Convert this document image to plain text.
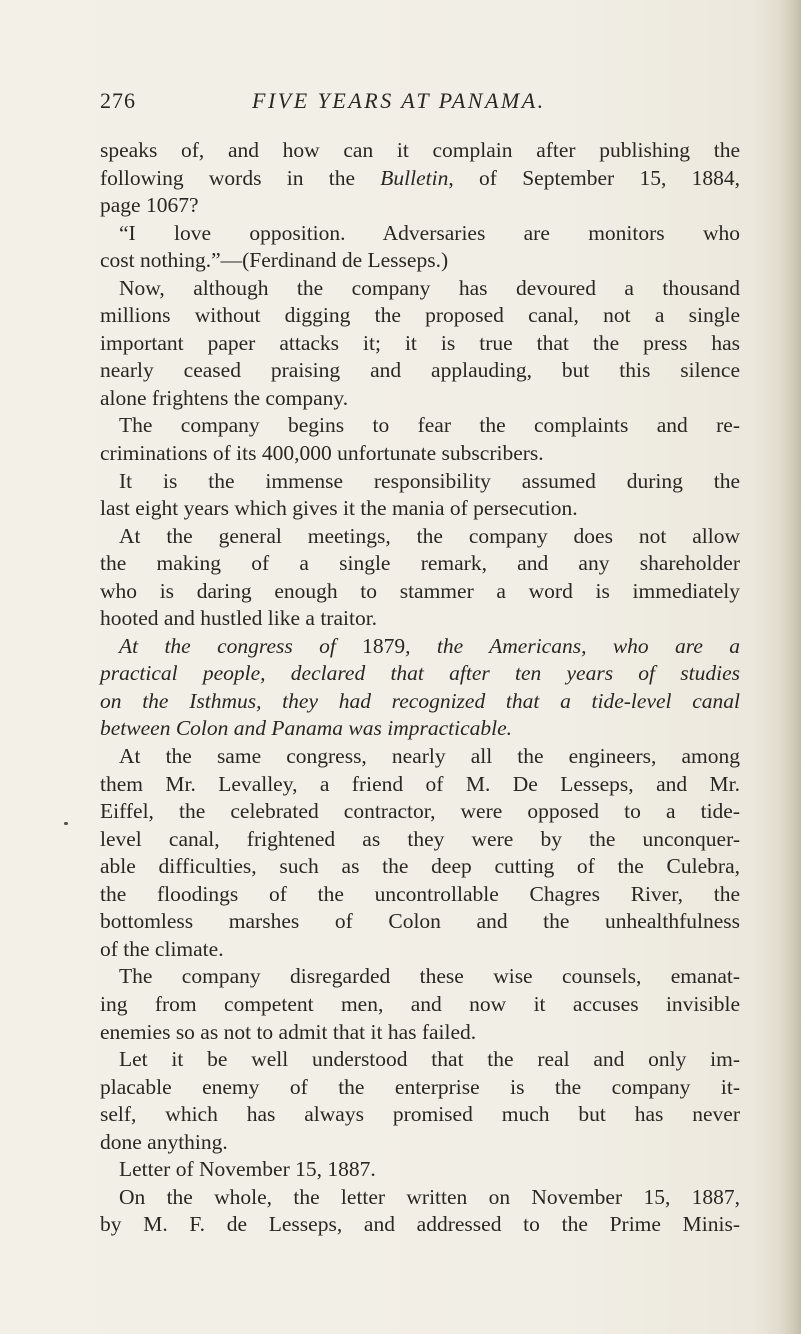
276	FIVE YEARS AT PANAMA.
speaks of, and how can it complain after publishing the
following words in the Bulletin, of September 15, 1884,
page 1067?
“I love opposition. Adversaries are monitors who
cost nothing.”—(Ferdinand de Lesseps.)
Now, although the company has devoured a thousand
millions without digging the proposed canal, not a single
important paper attacks it; it is true that the press has
nearly ceased praising and applauding, but this silence
alone frightens the company.
The company begins to fear the complaints and re-
criminations of its 400,000 unfortunate subscribers.
It is the immense responsibility assumed during the
last eight years which gives it the mania of persecution.
At the general meetings, the company does not allow
the making of a single remark, and any shareholder
who is daring enough to stammer a word is immediately
hooted and hustled like a traitor.
At the congress of 1879, the Americans, who are a
practical people, declared that after ten years of studies
on the Isthmus, they had recognized that a tide-level canal
between Colon and Panama was impracticable.
At the same congress, nearly all the engineers, among
them Mr. Levalley, a friend of M. De Lesseps, and Mr.
Eiffel, the celebrated contractor, were opposed to a tide-
level canal, frightened as they were by the unconquer-
able difficulties, such as the deep cutting of the Culebra,
the floodings of the uncontrollable Chagres River, the
bottomless marshes of Colon and the unhealthfulness
of the climate.
The company disregarded these wise counsels, emanat-
ing from competent men, and now it accuses invisible
enemies so as not to admit that it has failed.
Let it be well understood that the real and only im-
placable enemy of the enterprise is the company it-
self, which has always promised much but has never
done anything.
Letter of November 15, 1887.
On the whole, the letter written on November 15, 1887,
by M. F. de Lesseps, and addressed to the Prime Minis-
